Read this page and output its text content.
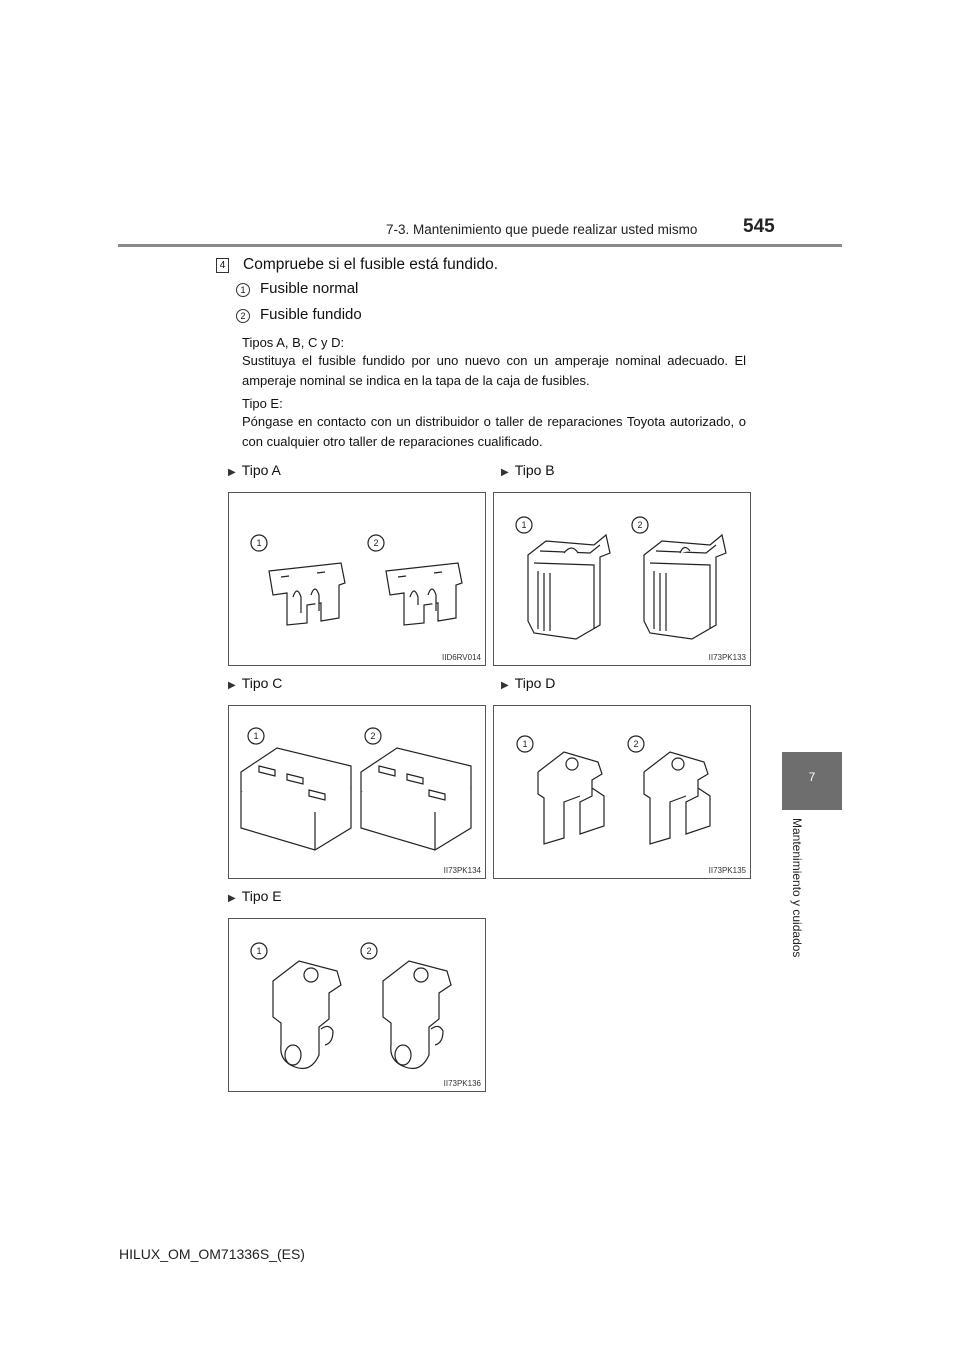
7-3. Mantenimiento que puede realizar usted mismo 545
7
Mantenimiento y cuidados
4 Compruebe si el fusible está fundido.
1 Fusible normal
2 Fusible fundido
Tipos A, B, C y D:
Sustituya el fusible fundido por uno nuevo con un amperaje nominal adecuado. El amperaje nominal se indica en la tapa de la caja de fusibles.
Tipo E:
Póngase en contacto con un distribuidor o taller de reparaciones Toyota autorizado, o con cualquier otro taller de reparaciones cualificado.
▶ Tipo A	▶ Tipo B
▶ Tipo C	▶ Tipo D
▶ Tipo E
1	2
IID6RV014
1	2
II73PK133
1	2
II73PK134
1	2
II73PK135
1	2
II73PK136
HILUX_OM_OM71336S_(ES)
